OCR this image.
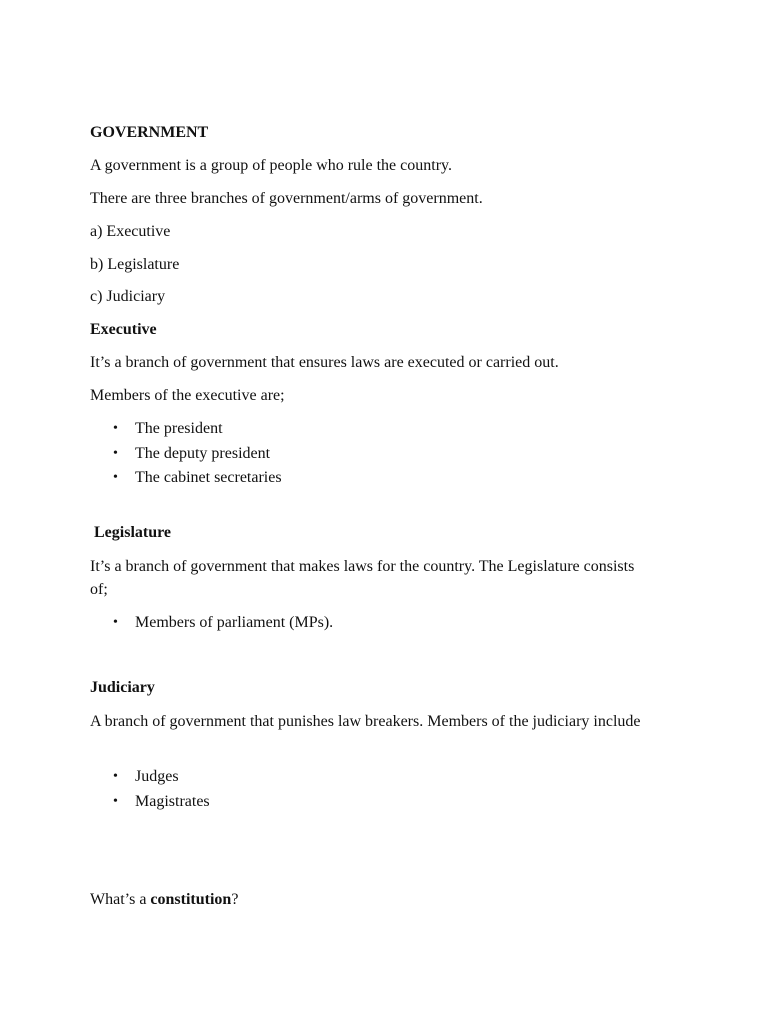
GOVERNMENT
A government is a group of people who rule the country.
There are three branches of government/arms of government.
a) Executive
b) Legislature
c) Judiciary
Executive
It’s a branch of government that ensures laws are executed or carried out.
Members of the executive are;
• The president
• The deputy president
• The cabinet secretaries
Legislature
It’s a branch of government that makes laws for the country. The Legislature consists of;
• Members of parliament (MPs).
Judiciary
A branch of government that punishes law breakers. Members of the judiciary include
• Judges
• Magistrates
What’s a constitution?
